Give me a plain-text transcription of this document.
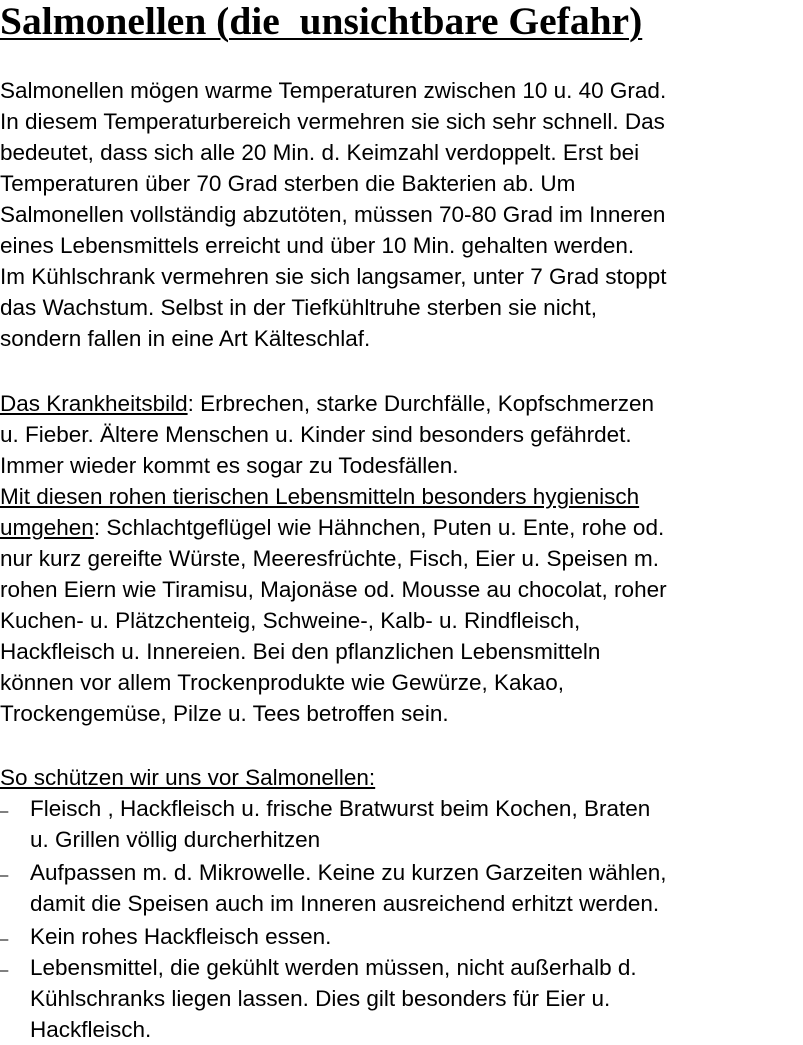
Salmonellen (die  unsichtbare Gefahr)
Salmonellen mögen warme Temperaturen zwischen 10 u. 40 Grad.
In diesem Temperaturbereich vermehren sie sich sehr schnell. Das
bedeutet, dass sich alle 20 Min. d. Keimzahl verdoppelt. Erst bei
Temperaturen über 70 Grad sterben die Bakterien ab. Um
Salmonellen vollständig abzutöten, müssen 70-80 Grad im Inneren
eines Lebensmittels erreicht und über 10 Min. gehalten werden.
Im Kühlschrank vermehren sie sich langsamer, unter 7 Grad stoppt
das Wachstum. Selbst in der Tiefkühltruhe sterben sie nicht,
sondern fallen in eine Art Kälteschlaf.
Das Krankheitsbild: Erbrechen, starke Durchfälle, Kopfschmerzen
u. Fieber. Ältere Menschen u. Kinder sind besonders gefährdet.
Immer wieder kommt es sogar zu Todesfällen.
Mit diesen rohen tierischen Lebensmitteln besonders hygienisch
umgehen: Schlachtgeflügel wie Hähnchen, Puten u. Ente, rohe od.
nur kurz gereifte Würste, Meeresfrüchte, Fisch, Eier u. Speisen m.
rohen Eiern wie Tiramisu, Majonäse od. Mousse au chocolat, roher
Kuchen- u. Plätzchenteig, Schweine-, Kalb- u. Rindfleisch,
Hackfleisch u. Innereien. Bei den pflanzlichen Lebensmitteln
können vor allem Trockenprodukte wie Gewürze, Kakao,
Trockengemüse, Pilze u. Tees betroffen sein.
So schützen wir uns vor Salmonellen:
– Fleisch , Hackfleisch u. frische Bratwurst beim Kochen, Braten
u. Grillen völlig durcherhitzen
– Aufpassen m. d. Mikrowelle. Keine zu kurzen Garzeiten wählen,
damit die Speisen auch im Inneren ausreichend erhitzt werden.
– Kein rohes Hackfleisch essen.
– Lebensmittel, die gekühlt werden müssen, nicht außerhalb d.
Kühlschranks liegen lassen. Dies gilt besonders für Eier u.
Hackfleisch.
